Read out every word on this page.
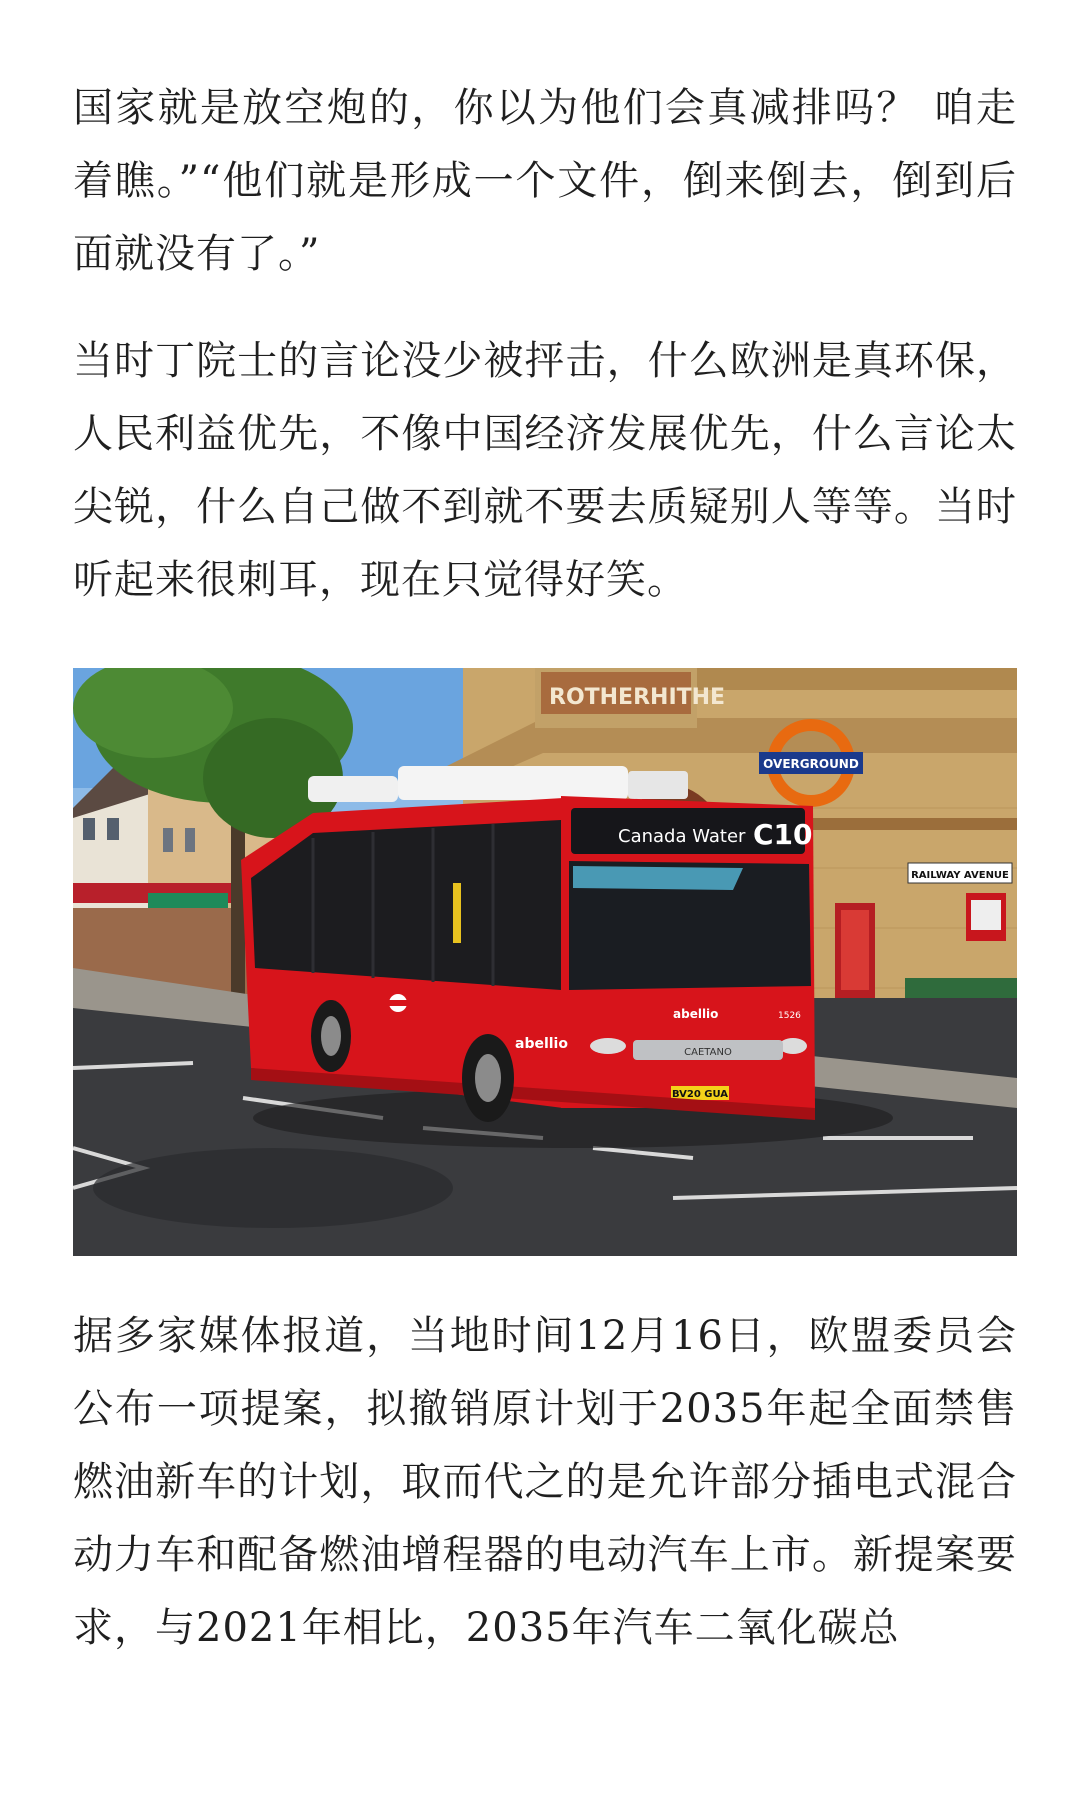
国家就是放空炮的，你以为他们会真减排吗？ 咱走着瞧。”“他们就是形成一个文件，倒来倒去，倒到后面就没有了。”

当时丁院士的言论没少被抨击，什么欧洲是真环保，人民利益优先，不像中国经济发展优先，什么言论太尖锐，什么自己做不到就不要去质疑别人等等。当时听起来很刺耳，现在只觉得好笑。

ROTHERHITHE
OVERGROUND
RAILWAY AVENUE
Canada Water C10
CAETANO
abellio	1526
BV20 GUA
abellio

据多家媒体报道，当地时间12月16日，欧盟委员会公布一项提案，拟撤销原计划于2035年起全面禁售燃油新车的计划，取而代之的是允许部分插电式混合动力车和配备燃油增程器的电动汽车上市。新提案要求，与2021年相比，2035年汽车二氧化碳总
